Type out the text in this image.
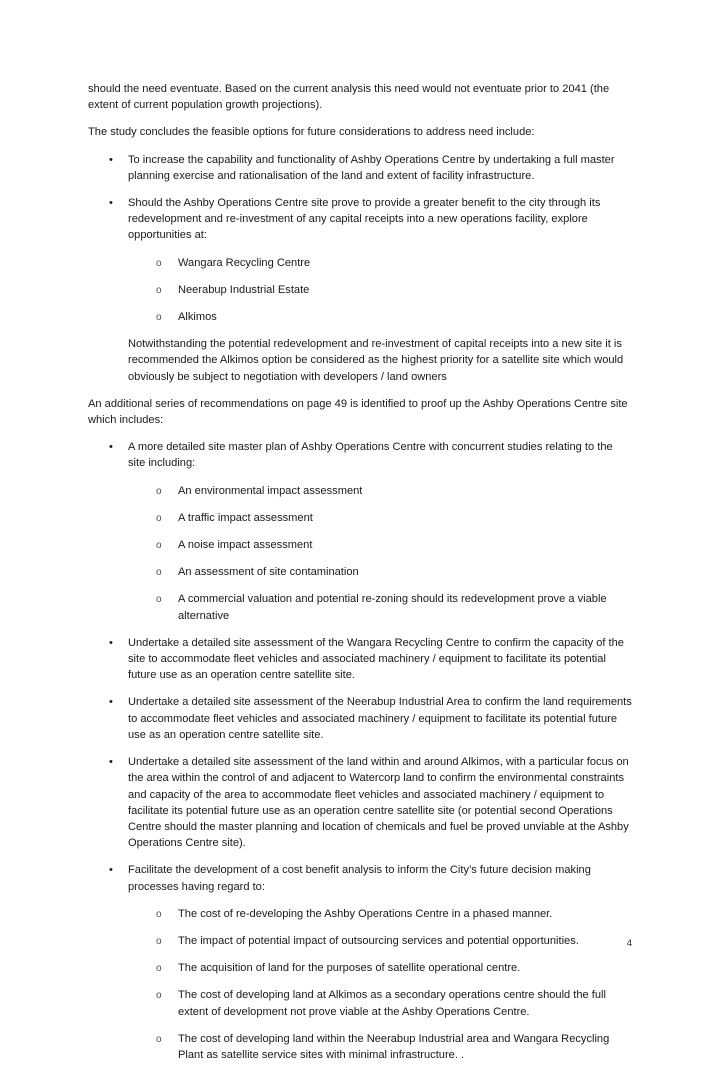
should the need eventuate. Based on the current analysis this need would not eventuate prior to 2041 (the extent of current population growth projections).

The study concludes the feasible options for future considerations to address need include:

• To increase the capability and functionality of Ashby Operations Centre by undertaking a full master planning exercise and rationalisation of the land and extent of facility infrastructure.
• Should the Ashby Operations Centre site prove to provide a greater benefit to the city through its redevelopment and re-investment of any capital receipts into a new operations facility, explore opportunities at:
o Wangara Recycling Centre
o Neerabup Industrial Estate
o Alkimos

Notwithstanding the potential redevelopment and re-investment of capital receipts into a new site it is recommended the Alkimos option be considered as the highest priority for a satellite site which would obviously be subject to negotiation with developers / land owners

An additional series of recommendations on page 49 is identified to proof up the Ashby Operations Centre site which includes:

• A more detailed site master plan of Ashby Operations Centre with concurrent studies relating to the site including:
o An environmental impact assessment
o A traffic impact assessment
o A noise impact assessment
o An assessment of site contamination
o A commercial valuation and potential re-zoning should its redevelopment prove a viable alternative
• Undertake a detailed site assessment of the Wangara Recycling Centre to confirm the capacity of the site to accommodate fleet vehicles and associated machinery / equipment to facilitate its potential future use as an operation centre satellite site.
• Undertake a detailed site assessment of the Neerabup Industrial Area to confirm the land requirements to accommodate fleet vehicles and associated machinery / equipment to facilitate its potential future use as an operation centre satellite site.
• Undertake a detailed site assessment of the land within and around Alkimos, with a particular focus on the area within the control of and adjacent to Watercorp land to confirm the environmental constraints and capacity of the area to accommodate fleet vehicles and associated machinery / equipment to facilitate its potential future use as an operation centre satellite site (or potential second Operations Centre should the master planning and location of chemicals and fuel be proved unviable at the Ashby Operations Centre site).
• Facilitate the development of a cost benefit analysis to inform the City’s future decision making processes having regard to:
o The cost of re-developing the Ashby Operations Centre in a phased manner.
o The impact of potential impact of outsourcing services and potential opportunities.
o The acquisition of land for the purposes of satellite operational centre.
o The cost of developing land at Alkimos as a secondary operations centre should the full extent of development not prove viable at the Ashby Operations Centre.
o The cost of developing land within the Neerabup Industrial area and Wangara Recycling Plant as satellite service sites with minimal infrastructure. .
4
